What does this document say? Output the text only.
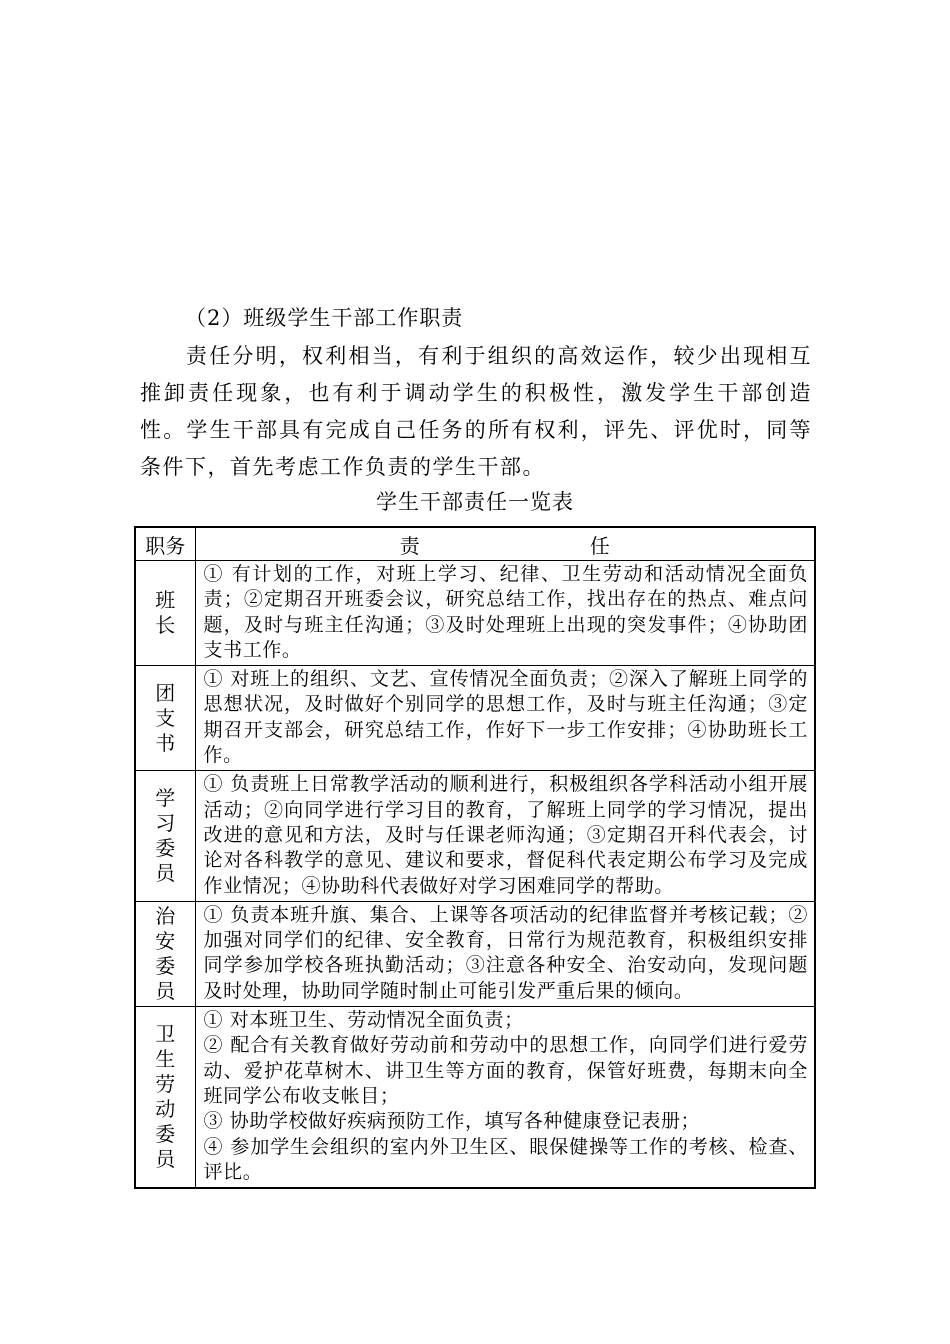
（2）班级学生干部工作职责

责任分明，权利相当，有利于组织的高效运作，较少出现相互推卸责任现象，也有利于调动学生的积极性，激发学生干部创造性。学生干部具有完成自己任务的所有权利，评先、评优时，同等条件下，首先考虑工作负责的学生干部。

学生干部责任一览表
职务	责任
班长	① 有计划的工作，对班上学习、纪律、卫生劳动和活动情况全面负责；②定期召开班委会议，研究总结工作，找出存在的热点、难点问题，及时与班主任沟通；③及时处理班上出现的突发事件；④协助团支书工作。

团支书	① 对班上的组织、文艺、宣传情况全面负责；②深入了解班上同学的思想状况，及时做好个别同学的思想工作，及时与班主任沟通；③定期召开支部会，研究总结工作，作好下一步工作安排；④协助班长工作。

学习委员	① 负责班上日常教学活动的顺利进行，积极组织各学科活动小组开展活动；②向同学进行学习目的教育，了解班上同学的学习情况，提出改进的意见和方法，及时与任课老师沟通；③定期召开科代表会，讨论对各科教学的意见、建议和要求，督促科代表定期公布学习及完成作业情况；④协助科代表做好对学习困难同学的帮助。

治安委员	① 负责本班升旗、集合、上课等各项活动的纪律监督并考核记载；②加强对同学们的纪律、安全教育，日常行为规范教育，积极组织安排同学参加学校各班执勤活动；③注意各种安全、治安动向，发现问题及时处理，协助同学随时制止可能引发严重后果的倾向。

卫生劳动委员	① 对本班卫生、劳动情况全面负责；
② 配合有关教育做好劳动前和劳动中的思想工作，向同学们进行爱劳动、爱护花草树木、讲卫生等方面的教育，保管好班费，每期末向全班同学公布收支帐目；
③ 协助学校做好疾病预防工作，填写各种健康登记表册；
④ 参加学生会组织的室内外卫生区、眼保健操等工作的考核、检查、评比。
